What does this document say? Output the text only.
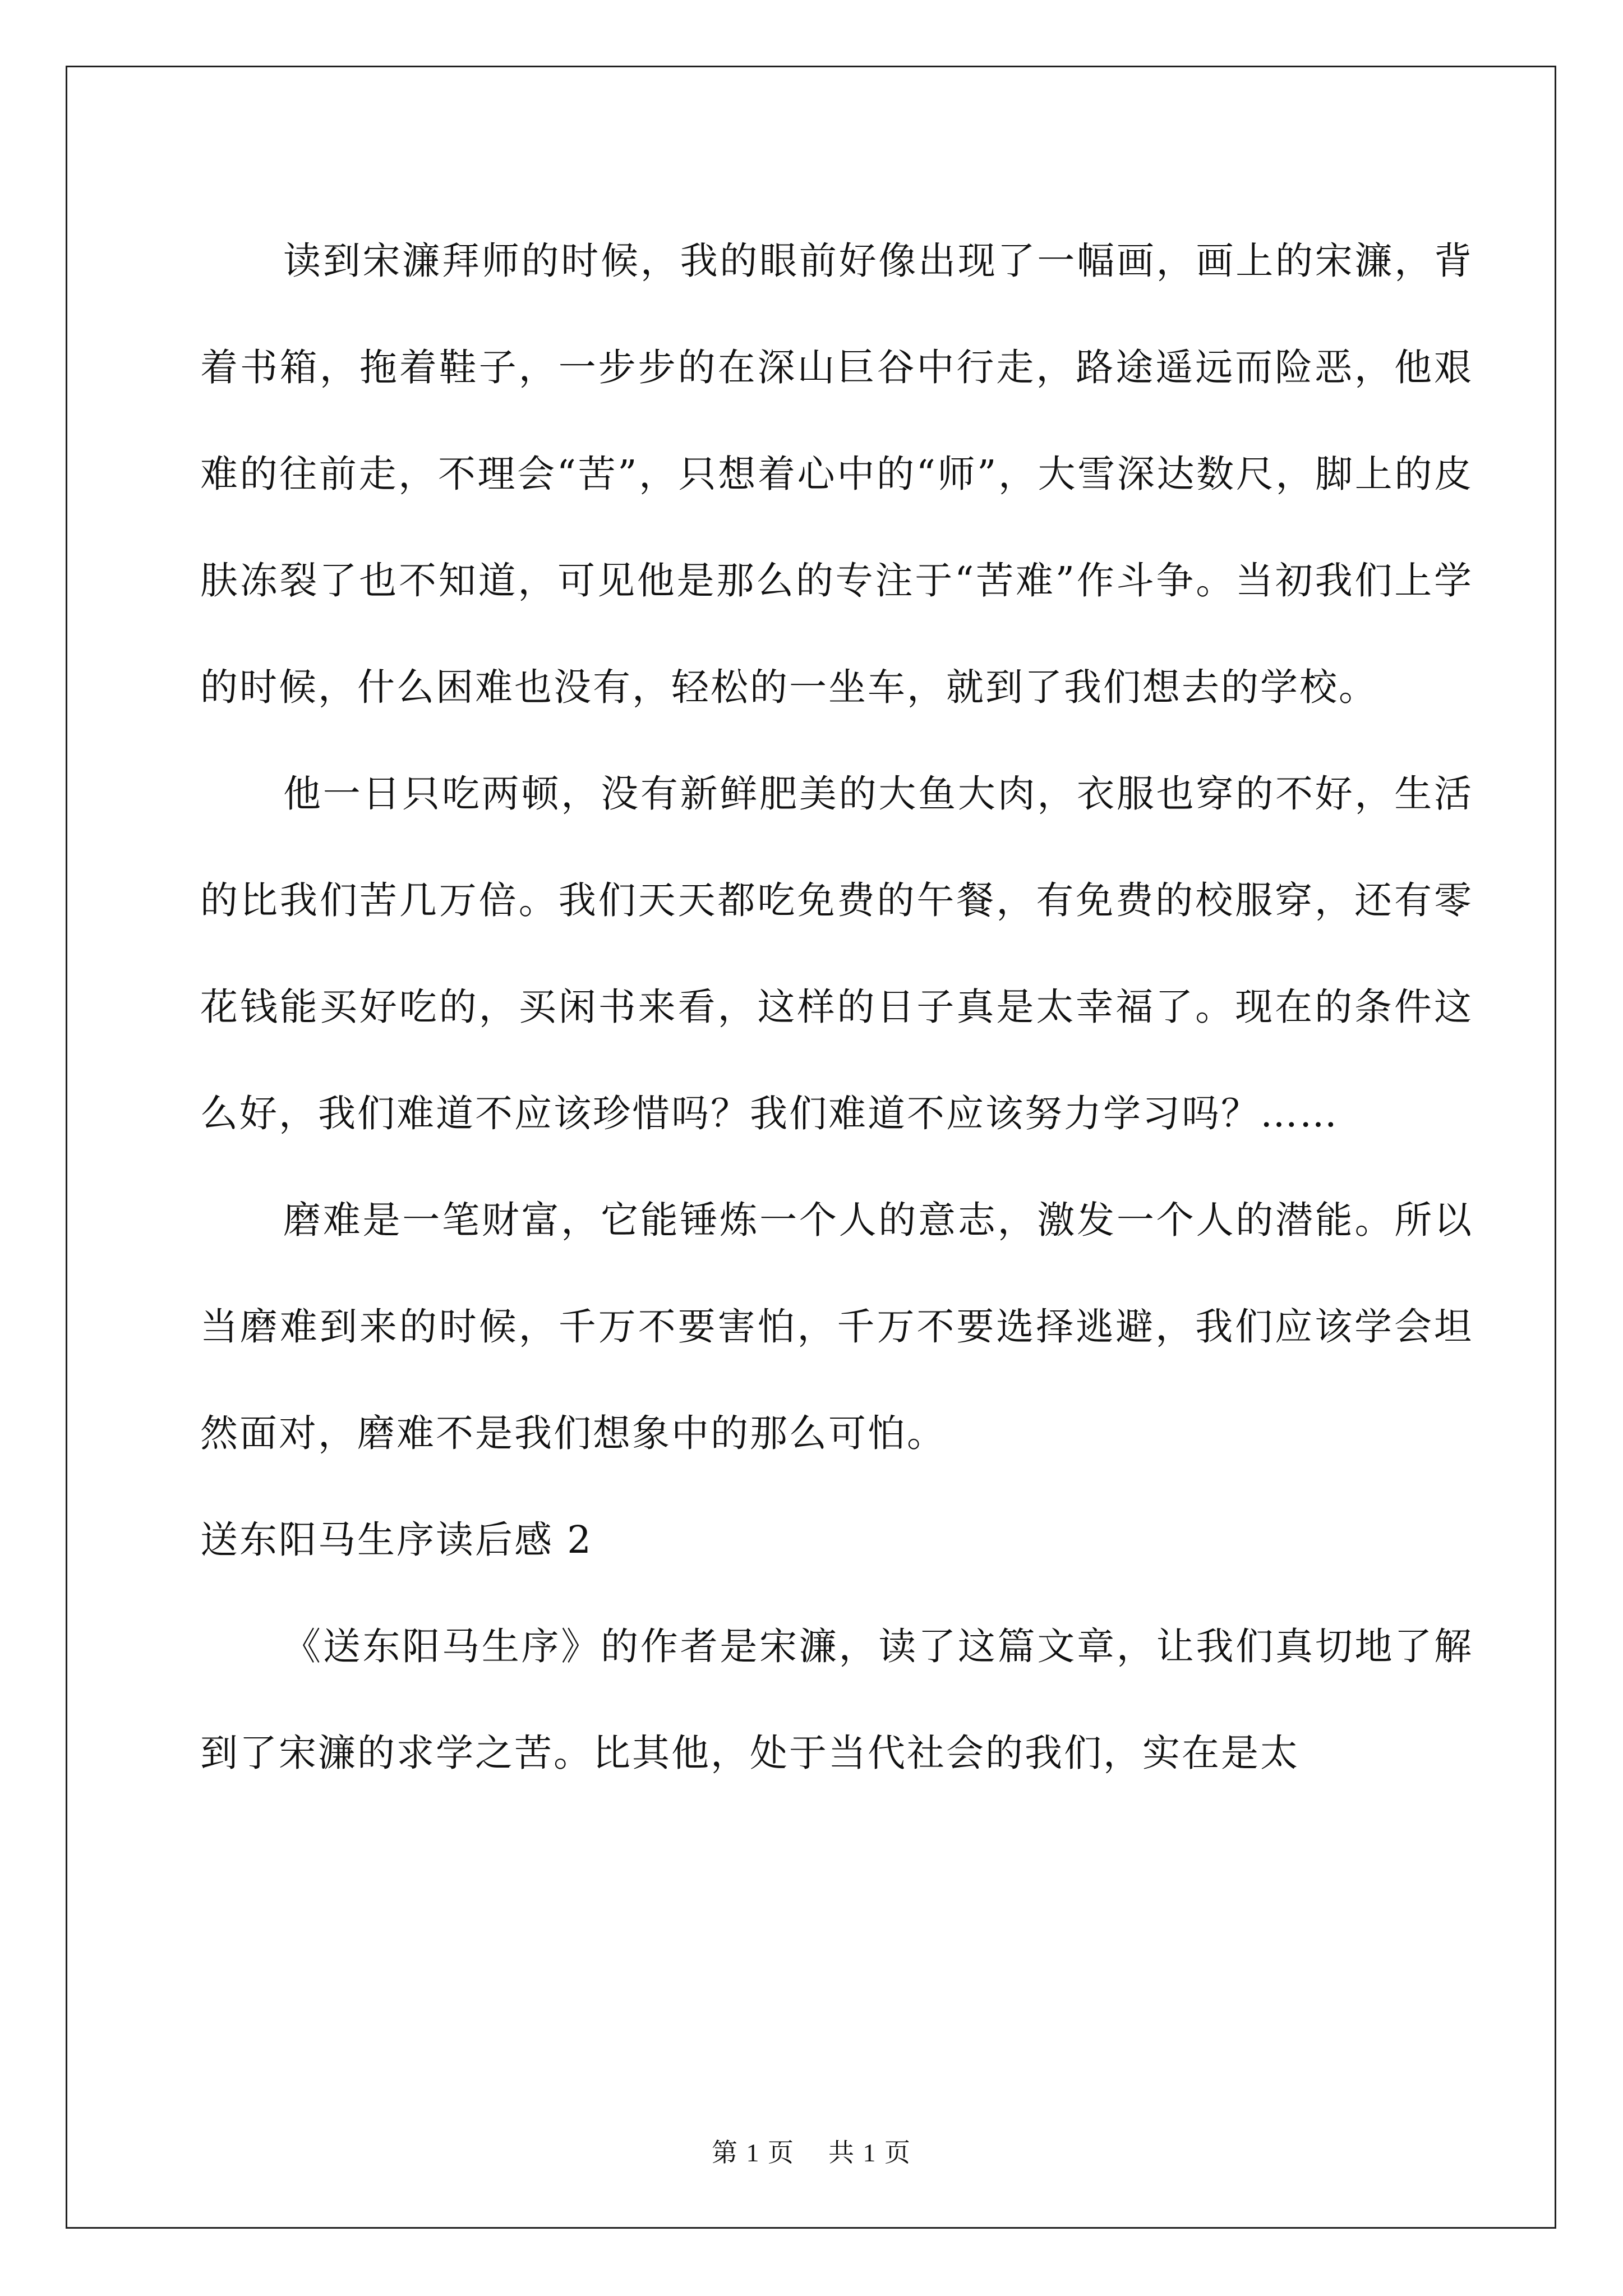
读到宋濂拜师的时候，我的眼前好像出现了一幅画，画上的宋濂，背着书箱，拖着鞋子，一步步的在深山巨谷中行走，路途遥远而险恶，他艰难的往前走，不理会“苦”，只想着心中的“师”，大雪深达数尺，脚上的皮肤冻裂了也不知道，可见他是那么的专注于“苦难”作斗争。当初我们上学的时候，什么困难也没有，轻松的一坐车，就到了我们想去的学校。

他一日只吃两顿，没有新鲜肥美的大鱼大肉，衣服也穿的不好，生活的比我们苦几万倍。我们天天都吃免费的午餐，有免费的校服穿，还有零花钱能买好吃的，买闲书来看，这样的日子真是太幸福了。现在的条件这么好，我们难道不应该珍惜吗？我们难道不应该努力学习吗？……

磨难是一笔财富，它能锤炼一个人的意志，激发一个人的潜能。所以当磨难到来的时候，千万不要害怕，千万不要选择逃避，我们应该学会坦然面对，磨难不是我们想象中的那么可怕。

送东阳马生序读后感 2

《送东阳马生序》的作者是宋濂，读了这篇文章，让我们真切地了解到了宋濂的求学之苦。比其他，处于当代社会的我们，实在是太

第 1 页 共 1 页
